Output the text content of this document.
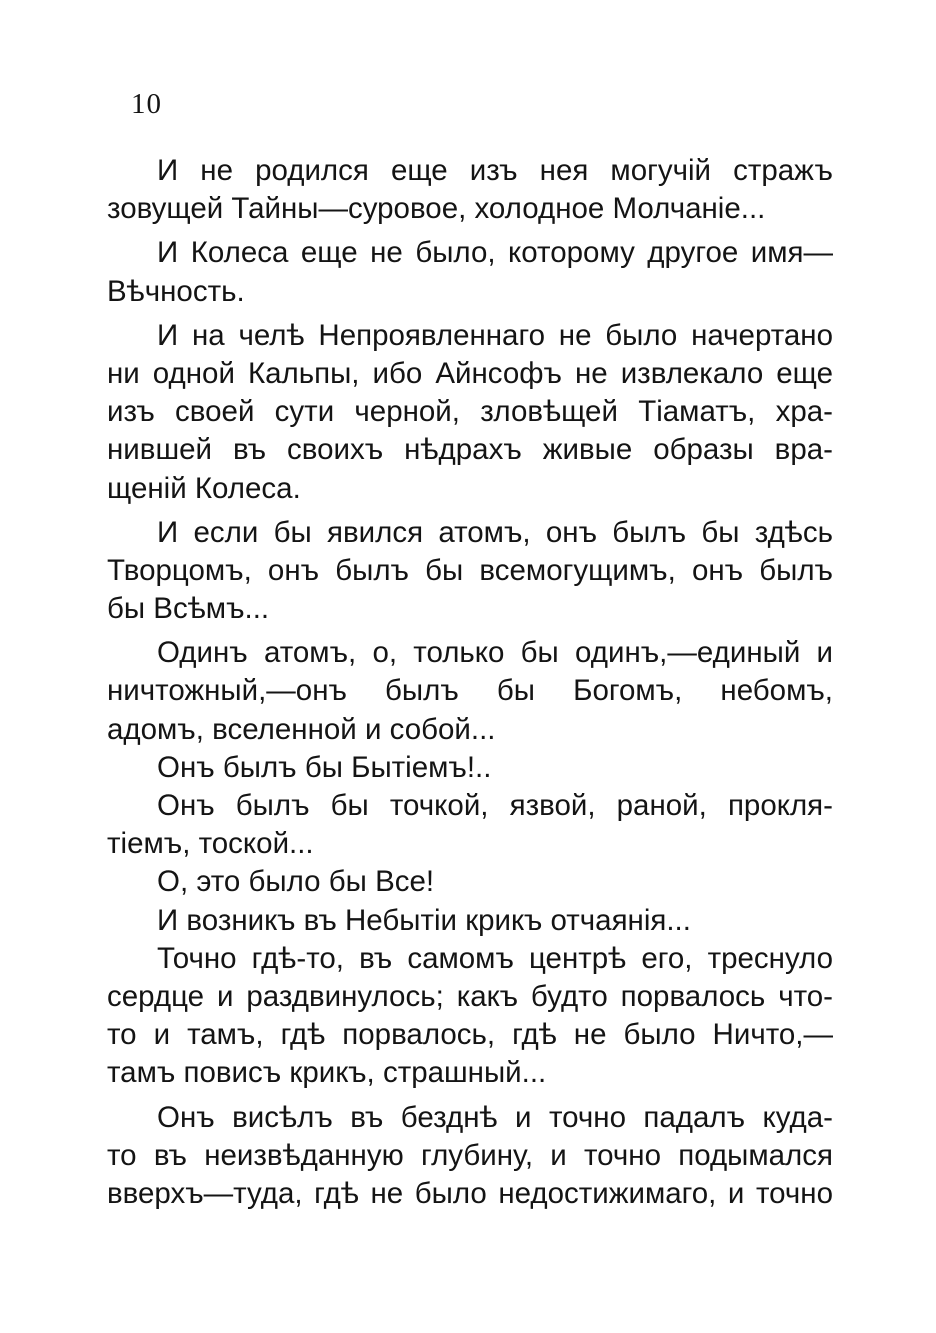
10
И не родился еще изъ нея могучій стражъ
зовущей Тайны—суровое, холодное Молчаніе...
И Колеса еще не было, которому другое имя—
Вѣчность.
И на челѣ Непроявленнаго не было начертано
ни одной Кальпы, ибо Айнсофъ не извлекало еще
изъ своей сути черной, зловѣщей Тіаматъ, хра-
нившей въ своихъ нѣдрахъ живые образы вра-
щеній Колеса.
И если бы явился атомъ, онъ былъ бы здѣсь
Творцомъ, онъ былъ бы всемогущимъ, онъ былъ
бы Всѣмъ...
Одинъ атомъ, о, только бы одинъ,—единый и
ничтожный,—онъ былъ бы Богомъ, небомъ,
адомъ, вселенной и собой...
Онъ былъ бы Бытіемъ!..
Онъ былъ бы точкой, язвой, раной, прокля-
тіемъ, тоской...
О, это было бы Все!
И возникъ въ Небытіи крикъ отчаянія...
Точно гдѣ-то, въ самомъ центрѣ его, треснуло
сердце и раздвинулось; какъ будто порвалось что-
то и тамъ, гдѣ порвалось, гдѣ не было Ничто,—
тамъ повисъ крикъ, страшный...
Онъ висѣлъ въ безднѣ и точно падалъ куда-
то въ неизвѣданную глубину, и точно подымался
вверхъ—туда, гдѣ не было недостижимаго, и точно
